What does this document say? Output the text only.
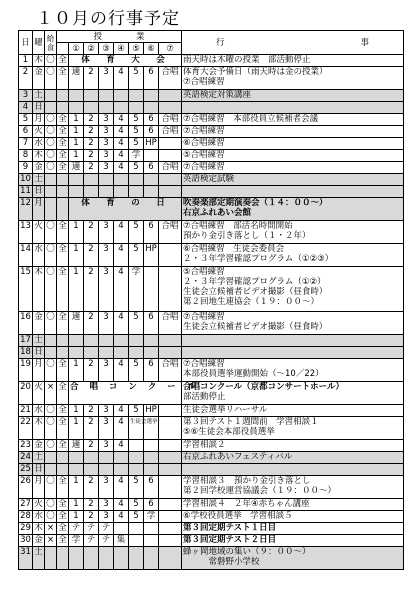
１０月の行事予定
日	曜	給食	授　　　　業								行　　　　　　　　　　　　　　　　事
				①	②	③	④	⑤	⑥	⑦	
1	木	〇	全	体　育　大　会							雨天時は木曜の授業　部活動停止

2	金	〇	全	適	2	3	4	5	6	合唱	体育大会予備日（雨天時は金の授業）
⑦合唱練習

3	土										英語検定対策講座

4	日										

5	月	〇	全	1	2	3	4	5	6	合唱	⑦合唱練習　本部役員立候補者会議

6	火	〇	全	1	2	3	4	5	6	合唱	⑦合唱練習

7	水	〇	全	1	2	3	4	5	HP		⑥合唱練習

8	木	〇	全	1	2	3	4	学			⑤合唱練習

9	金	〇	全	適	2	3	4	5	6	合唱	⑦合唱練習

10	土										英語検定試験

11	日										

12	月			体　育　の　日							吹奏楽部定期演奏会（１４：００～）
右京ふれあい会館

13	火	〇	全	1	2	3	4	5	6	合唱	⑦合唱練習　部活名時間開始
預かり金引き落とし（１・２年）

14	水	〇	全	1	2	3	4	5	HP		⑥合唱練習　生徒会委員会
２・３年学習確認プログラム（①②③）

15	木	〇	全	1	2	3	4	学			⑤合唱練習
２・３年学習確認プログラム（①②）
生徒会立候補者ビデオ撮影（昼食時）
第２回地生連協会（１９：００～）

16	金	〇	全	適	2	3	4	5	6	合唱	⑦合唱練習
生徒会立候補者ビデオ撮影（昼食時）

17	土										

18	日										

19	月	〇	全	1	2	3	4	5	6	合唱	⑦合唱練習
本部役員選挙運動開始（～10／22）

20	火	×	全	合 唱 コ ン ク ー ル							合唱コンクール（京都コンサートホール）
部活動停止

21	水	〇	全	1	2	3	4	5	HP		生徒会選挙リハーサル

22	木	〇	全	1	2	3	4	生徒会選挙			第３回テスト１週間前　学習相談１
⑤⑥生徒会本部役員選挙

23	金	〇	全	適	2	3	4				学習相談２

24	土										右京ふれあいフェスティバル

25	日										

26	月	〇	全	1	2	3	4	5	6		学習相談３　預かり金引き落とし
第２回学校運営協議会（１９：００～）

27	火	〇	全	1	2	3	4	5	6		学習相談４　２年④赤ちゃん講座

28	水	〇	全	1	2	3	4	5	学		⑥学校役員選挙　学習相談５

29	木	×	全	テ	テ	テ					第３回定期テスト１日目

30	金	×	全	学	テ	テ	集				第３回定期テスト２日目

31	土										蜂ヶ岡地域の集い（９：００～）
　　　常磐野小学校
